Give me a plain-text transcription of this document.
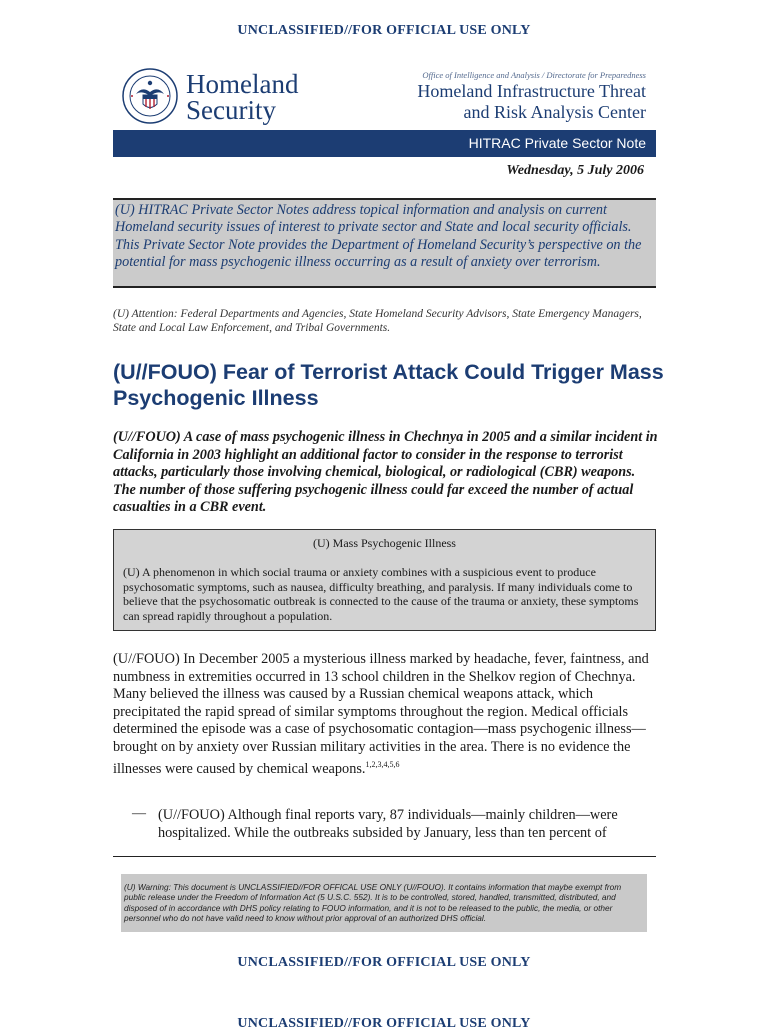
UNCLASSIFIED//FOR OFFICIAL USE ONLY
Homeland
Security
Office of Intelligence and Analysis / Directorate for Preparedness
Homeland Infrastructure Threat
and Risk Analysis Center
HITRAC Private Sector Note
Wednesday, 5 July 2006
(U) HITRAC Private Sector Notes address topical information and analysis on current Homeland security issues of interest to private sector and State and local security officials. This Private Sector Note provides the Department of Homeland Security’s perspective on the potential for mass psychogenic illness occurring as a result of anxiety over terrorism.
(U) Attention: Federal Departments and Agencies, State Homeland Security Advisors, State Emergency Managers, State and Local Law Enforcement, and Tribal Governments.
(U//FOUO) Fear of Terrorist Attack Could Trigger Mass Psychogenic Illness
(U//FOUO) A case of mass psychogenic illness in Chechnya in 2005 and a similar incident in California in 2003 highlight an additional factor to consider in the response to terrorist attacks, particularly those involving chemical, biological, or radiological (CBR) weapons. The number of those suffering psychogenic illness could far exceed the number of actual casualties in a CBR event.
(U) Mass Psychogenic Illness
(U) A phenomenon in which social trauma or anxiety combines with a suspicious event to produce psychosomatic symptoms, such as nausea, difficulty breathing, and paralysis. If many individuals come to believe that the psychosomatic outbreak is connected to the cause of the trauma or anxiety, these symptoms can spread rapidly throughout a population.
(U//FOUO) In December 2005 a mysterious illness marked by headache, fever, faintness, and numbness in extremities occurred in 13 school children in the Shelkov region of Chechnya. Many believed the illness was caused by a Russian chemical weapons attack, which precipitated the rapid spread of similar symptoms throughout the region. Medical officials determined the episode was a case of psychosomatic contagion—mass psychogenic illness—brought on by anxiety over Russian military activities in the area. There is no evidence the illnesses were caused by chemical weapons.$^{1,2,3,4,5,6}$
— (U//FOUO) Although final reports vary, 87 individuals—mainly children—were hospitalized. While the outbreaks subsided by January, less than ten percent of
(U) Warning: This document is UNCLASSIFIED//FOR OFFICAL USE ONLY (U//FOUO). It contains information that maybe exempt from public release under the Freedom of Information Act (5 U.S.C. 552). It is to be controlled, stored, handled, transmitted, distributed, and disposed of in accordance with DHS policy relating to FOUO information, and it is not to be released to the public, the media, or other personnel who do not have valid need to know without prior approval of an authorized DHS official.
UNCLASSIFIED//FOR OFFICIAL USE ONLY
UNCLASSIFIED//FOR OFFICIAL USE ONLY
